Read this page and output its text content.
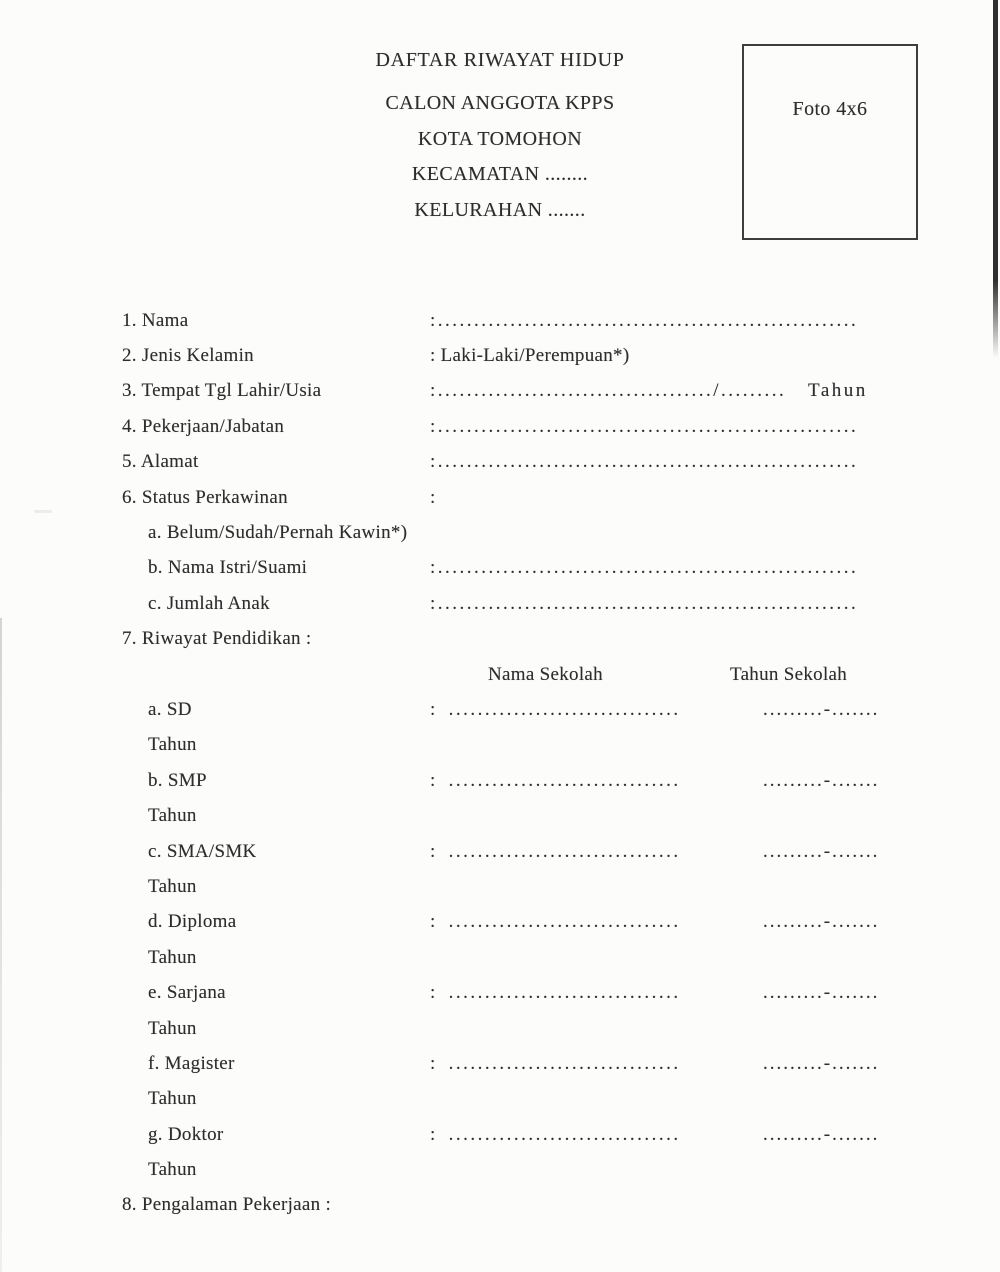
DAFTAR RIWAYAT HIDUP
CALON ANGGOTA KPPS
KOTA TOMOHON
KECAMATAN ........
KELURAHAN .......
Foto 4x6
1. Nama	:..........................................................
2. Jenis Kelamin	: Laki-Laki/Perempuan*)
3. Tempat Tgl Lahir/Usia	:....................................../.........   Tahun
4. Pekerjaan/Jabatan	:..........................................................
5. Alamat	:..........................................................
6. Status Perkawinan	:
a. Belum/Sudah/Pernah Kawin*)
b. Nama Istri/Suami	:..........................................................
c. Jumlah Anak	:..........................................................
7. Riwayat Pendidikan :
Nama Sekolah	Tahun Sekolah
a. SD	: ................................	.........-.......
Tahun
b. SMP	: ................................	.........-.......
Tahun
c. SMA/SMK	: ................................	.........-.......
Tahun
d. Diploma	: ................................	.........-.......
Tahun
e. Sarjana	: ................................	.........-.......
Tahun
f. Magister	: ................................	.........-.......
Tahun
g. Doktor	: ................................	.........-.......
Tahun
8. Pengalaman Pekerjaan :
